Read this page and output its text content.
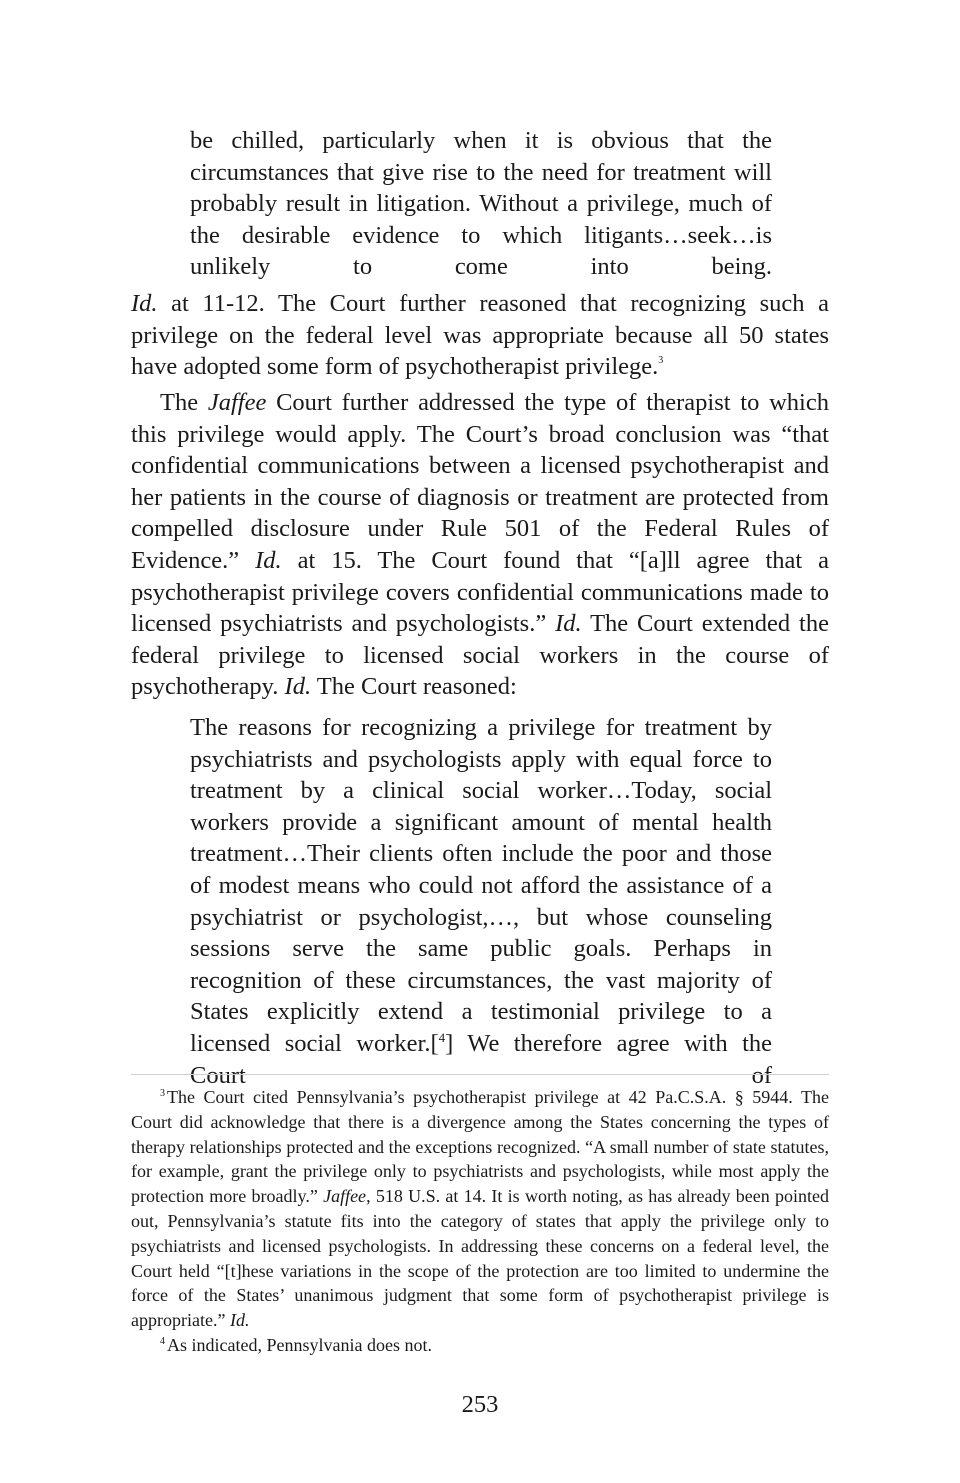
be chilled, particularly when it is obvious that the circumstances that give rise to the need for treatment will probably result in litigation. Without a privilege, much of the desirable evidence to which litigants…seek…is unlikely to come into being.

Id. at 11-12. The Court further reasoned that recognizing such a privilege on the federal level was appropriate because all 50 states have adopted some form of psychotherapist privilege.$^3$

The Jaffee Court further addressed the type of therapist to which this privilege would apply. The Court’s broad conclusion was “that confidential communications between a licensed psychotherapist and her patients in the course of diagnosis or treatment are protected from compelled disclosure under Rule 501 of the Federal Rules of Evidence.” Id. at 15. The Court found that “[a]ll agree that a psychotherapist privilege covers confidential communications made to licensed psychiatrists and psychologists.” Id. The Court extended the federal privilege to licensed social workers in the course of psychotherapy. Id. The Court reasoned:

The reasons for recognizing a privilege for treatment by psychiatrists and psychologists apply with equal force to treatment by a clinical social worker…Today, social workers provide a significant amount of mental health treatment…Their clients often include the poor and those of modest means who could not afford the assistance of a psychiatrist or psychologist,…, but whose counseling sessions serve the same public goals. Perhaps in recognition of these circumstances, the vast majority of States explicitly extend a testimonial privilege to a licensed social worker.[$^4$] We therefore agree with the Court of

$^3$ The Court cited Pennsylvania’s psychotherapist privilege at 42 Pa.C.S.A. § 5944. The Court did acknowledge that there is a divergence among the States concerning the types of therapy relationships protected and the exceptions recognized. “A small number of state statutes, for example, grant the privilege only to psychiatrists and psychologists, while most apply the protection more broadly.” Jaffee, 518 U.S. at 14. It is worth noting, as has already been pointed out, Pennsylvania’s statute fits into the category of states that apply the privilege only to psychiatrists and licensed psychologists. In addressing these concerns on a federal level, the Court held “[t]hese variations in the scope of the protection are too limited to undermine the force of the States’ unanimous judgment that some form of psychotherapist privilege is appropriate.” Id.

$^4$ As indicated, Pennsylvania does not.

253
